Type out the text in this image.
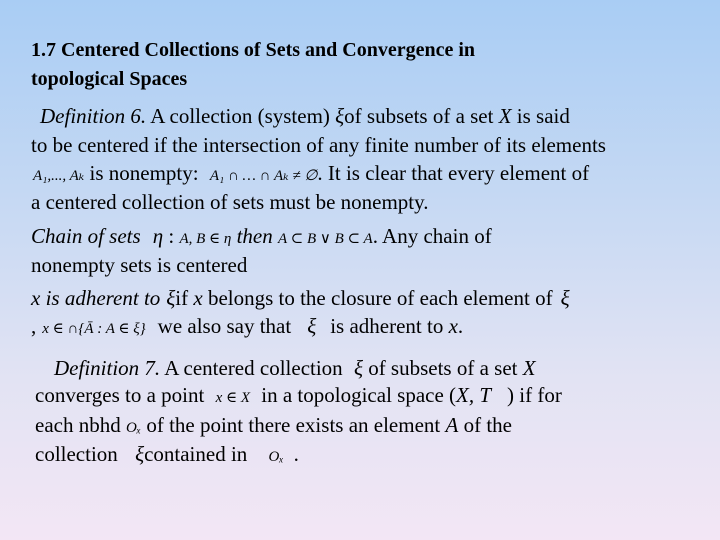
1.7 Centered Collections of Sets and Convergence in
topological Spaces
Definition 6. A collection (system) ξof subsets of a set X is said
to be centered if the intersection of any finite number of its elements
A₁,..., Aₖ is nonempty: A₁ ∩ … ∩ Aₖ ≠ ∅. It is clear that every element of
a centered collection of sets must be nonempty.
Chain of sets η : A, B ∈ η then A ⊂ B ∨ B ⊂ A. Any chain of
nonempty sets is centered
x is adherent to ξif x belongs to the closure of each element of ξ
, x ∈ ∩{Ā : A ∈ ξ} we also say that ξ is adherent to x.
Definition 7. A centered collection ξ of subsets of a set X
converges to a point x ∈ X in a topological space (X, T ) if for
each nbhd Oₓ of the point there exists an element A of the
collection ξcontained in Oₓ .
